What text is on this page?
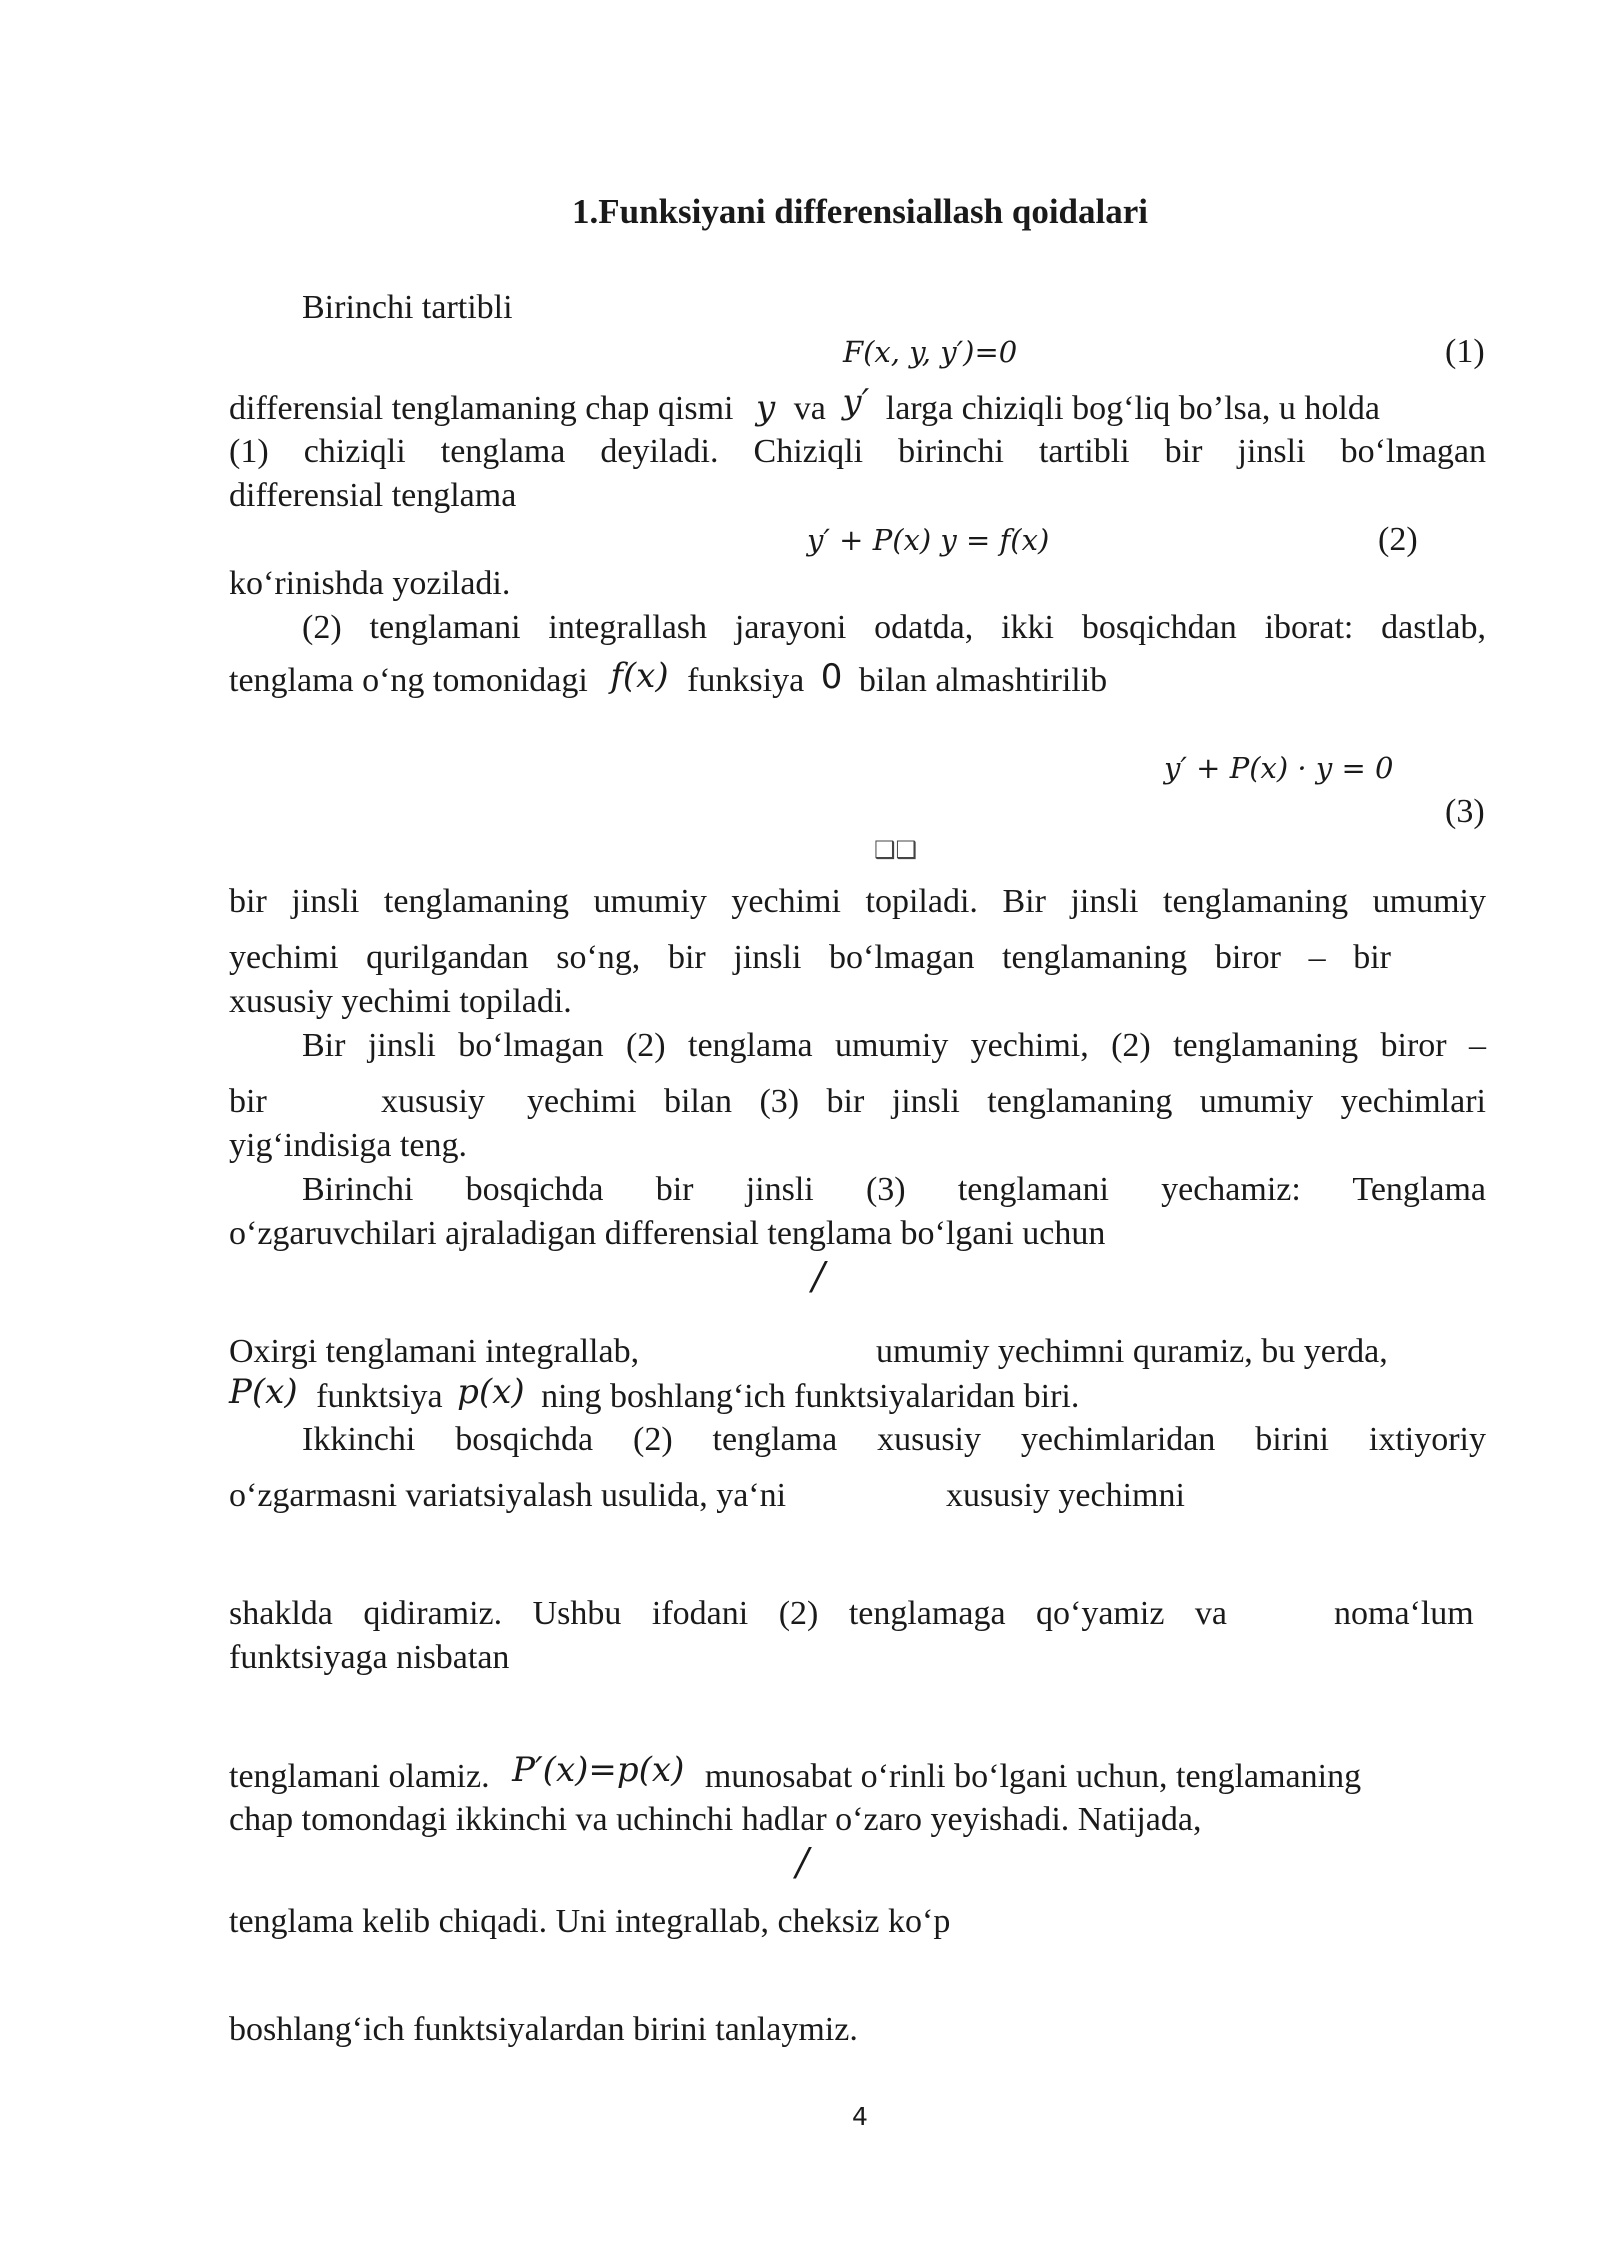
1.Funksiyani differensiallash qoidalari
Birinchi tartibli
F(x, y, y′)=0	(1)
differensial tenglamaning chap qismi y va y′ larga chiziqli bog‘liq bo’lsa, u holda
(1) chiziqli tenglama deyiladi. Chiziqli birinchi tartibli bir jinsli bo‘lmagan
differensial tenglama
y′ + P(x) y = f(x)	(2)
ko‘rinishda yoziladi.
(2) tenglamani integrallash jarayoni odatda, ikki bosqichdan iborat: dastlab,
tenglama o‘ng tomonidagi f(x) funksiya 0 bilan almashtirilib
y′ + P(x) · y = 0
(3)
❑❑
bir jinsli tenglamaning umumiy yechimi topiladi. Bir jinsli tenglamaning umumiy
yechimi qurilgandan so‘ng, bir jinsli bo‘lmagan tenglamaning biror – bir
xususiy yechimi topiladi.
Bir jinsli bo‘lmagan (2) tenglama umumiy yechimi, (2) tenglamaning biror –
bir	xususiy yechimi bilan (3) bir jinsli tenglamaning umumiy yechimlari
yig‘indisiga teng.
Birinchi bosqichda bir jinsli (3) tenglamani yechamiz: Tenglama
o‘zgaruvchilari ajraladigan differensial tenglama bo‘lgani uchun
/
Oxirgi tenglamani integrallab,	umumiy yechimni quramiz, bu yerda,
P(x) funktsiya p(x) ning boshlang‘ich funktsiyalaridan biri.
Ikkinchi bosqichda (2) tenglama xususiy yechimlaridan birini ixtiyoriy
o‘zgarmasni variatsiyalash usulida, ya‘ni	xususiy yechimni
shaklda qidiramiz. Ushbu ifodani (2) tenglamaga qo‘yamiz va	noma‘lum
funktsiyaga nisbatan
tenglamani olamiz. P′(x)=p(x) munosabat o‘rinli bo‘lgani uchun, tenglamaning
chap tomondagi ikkinchi va uchinchi hadlar o‘zaro yeyishadi. Natijada,
/
tenglama kelib chiqadi. Uni integrallab, cheksiz ko‘p
boshlang‘ich funktsiyalardan birini tanlaymiz.
4
